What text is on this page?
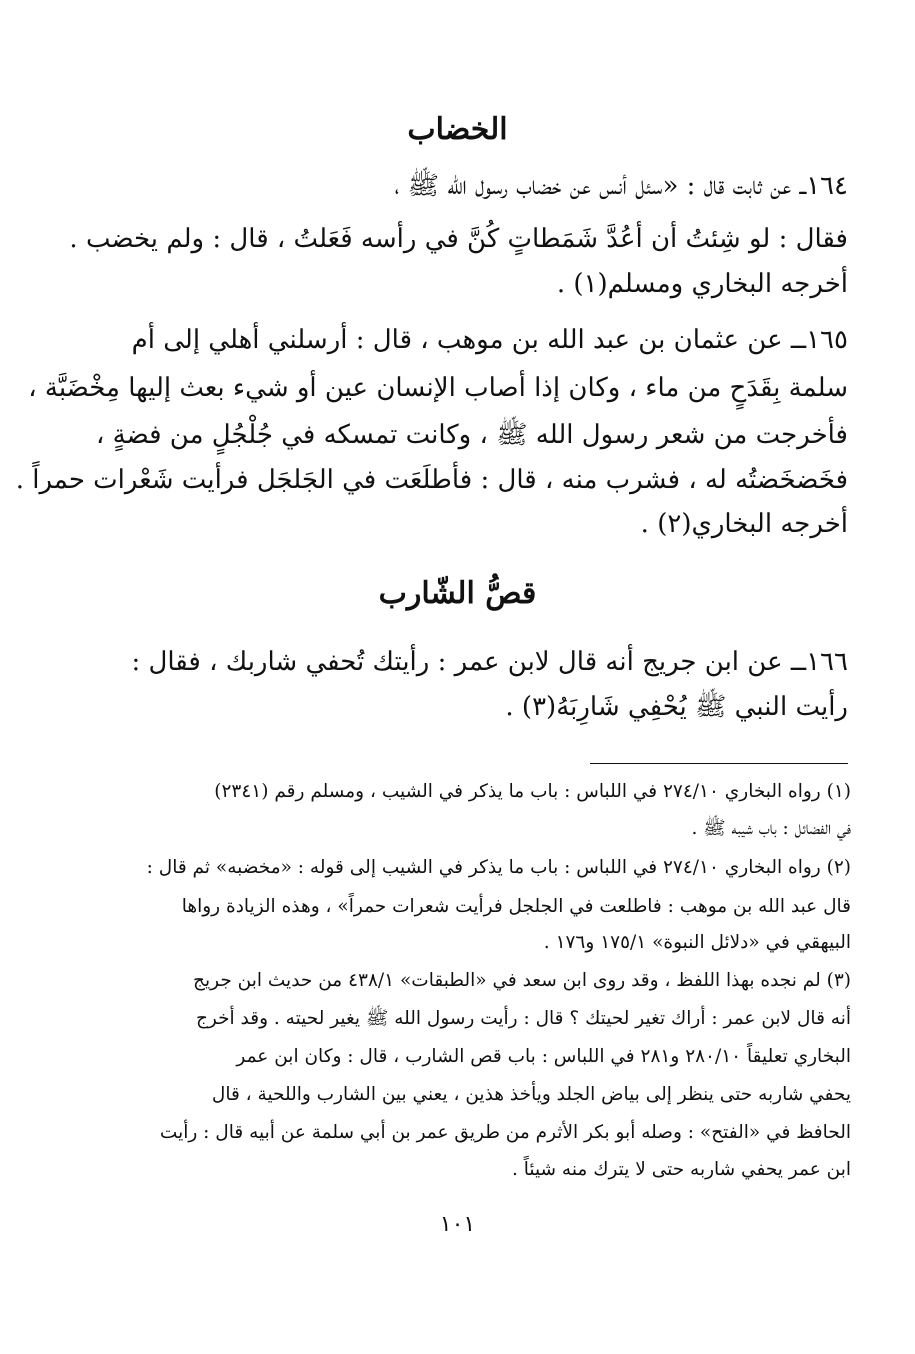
الخضاب
١٦٤ــ عن ثابت قال : «سئل أنس عن خضاب رسول الله ﷺ ،
فقال : لو شِئتُ أن أعُدَّ شَمَطاتٍ كُنَّ في رأسه فَعَلتُ ، قال : ولم يخضب .
أخرجه البخاري ومسلم(١) .
١٦٥ــ عن عثمان بن عبد الله بن موهب ، قال : أرسلني أهلي إلى أم
سلمة بِقَدَحٍ من ماء ، وكان إذا أصاب الإنسان عين أو شيء بعث إليها مِخْضَبَّة ،
فأخرجت من شعر رسول الله ﷺ ، وكانت تمسكه في جُلْجُلٍ من فضةٍ ،
فخَضخَضتُه له ، فشرب منه ، قال : فأطلَعَت في الجَلجَل فرأيت شَعْرات حمراً .
أخرجه البخاري(٢) .
قصُّ الشّارب
١٦٦ــ عن ابن جريج أنه قال لابن عمر : رأيتك تُحفي شاربك ، فقال :
رأيت النبي ﷺ يُحْفِي شَارِبَهُ(٣) .
(١) رواه البخاري ٢٧٤/١٠ في اللباس : باب ما يذكر في الشيب ، ومسلم رقم (٢٣٤١)
في الفضائل : باب شيبه ﷺ .
(٢) رواه البخاري ٢٧٤/١٠ في اللباس : باب ما يذكر في الشيب إلى قوله : «مخضبه» ثم قال :
قال عبد الله بن موهب : فاطلعت في الجلجل فرأيت شعرات حمراً» ، وهذه الزيادة رواها
البيهقي في «دلائل النبوة» ١٧٥/١ و١٧٦ .
(٣) لم نجده بهذا اللفظ ، وقد روى ابن سعد في «الطبقات» ٤٣٨/١ من حديث ابن جريج
أنه قال لابن عمر : أراك تغير لحيتك ؟ قال : رأيت رسول الله ﷺ يغير لحيته . وقد أخرج
البخاري تعليقاً ٢٨٠/١٠ و٢٨١ في اللباس : باب قص الشارب ، قال : وكان ابن عمر
يحفي شاربه حتى ينظر إلى بياض الجلد ويأخذ هذين ، يعني بين الشارب واللحية ، قال
الحافظ في «الفتح» : وصله أبو بكر الأثرم من طريق عمر بن أبي سلمة عن أبيه قال : رأيت
ابن عمر يحفي شاربه حتى لا يترك منه شيئاً .
١٠١
